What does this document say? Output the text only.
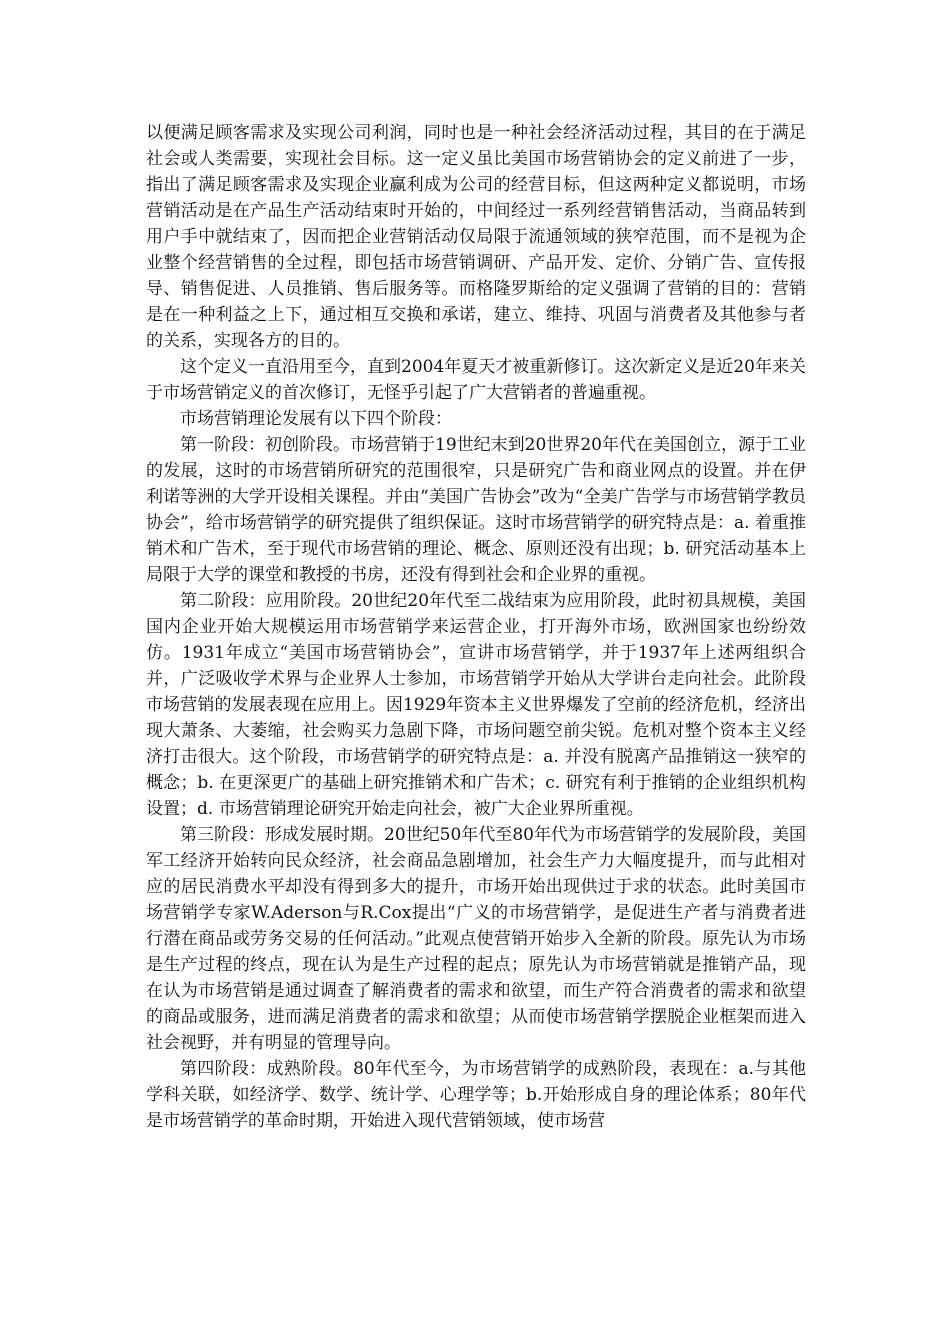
以便满足顾客需求及实现公司利润，同时也是一种社会经济活动过程，其目的在于满足社会或人类需要，实现社会目标。这一定义虽比美国市场营销协会的定义前进了一步，指出了满足顾客需求及实现企业赢利成为公司的经营目标，但这两种定义都说明，市场营销活动是在产品生产活动结束时开始的，中间经过一系列经营销售活动，当商品转到用户手中就结束了，因而把企业营销活动仅局限于流通领域的狭窄范围，而不是视为企业整个经营销售的全过程，即包括市场营销调研、产品开发、定价、分销广告、宣传报导、销售促进、人员推销、售后服务等。而格隆罗斯给的定义强调了营销的目的：营销是在一种利益之上下，通过相互交换和承诺，建立、维持、巩固与消费者及其他参与者的关系，实现各方的目的。

这个定义一直沿用至今，直到2004年夏天才被重新修订。这次新定义是近20年来关于市场营销定义的首次修订，无怪乎引起了广大营销者的普遍重视。

市场营销理论发展有以下四个阶段：

第一阶段：初创阶段。市场营销于19世纪末到20世界20年代在美国创立，源于工业的发展，这时的市场营销所研究的范围很窄，只是研究广告和商业网点的设置。并在伊利诺等洲的大学开设相关课程。并由“美国广告协会”改为“全美广告学与市场营销学教员协会”，给市场营销学的研究提供了组织保证。这时市场营销学的研究特点是：a. 着重推销术和广告术，至于现代市场营销的理论、概念、原则还没有出现；b. 研究活动基本上局限于大学的课堂和教授的书房，还没有得到社会和企业界的重视。

第二阶段：应用阶段。20世纪20年代至二战结束为应用阶段，此时初具规模，美国国内企业开始大规模运用市场营销学来运营企业，打开海外市场，欧洲国家也纷纷效仿。1931年成立“美国市场营销协会”，宣讲市场营销学，并于1937年上述两组织合并，广泛吸收学术界与企业界人士参加，市场营销学开始从大学讲台走向社会。此阶段市场营销的发展表现在应用上。因1929年资本主义世界爆发了空前的经济危机，经济出现大萧条、大萎缩，社会购买力急剧下降，市场问题空前尖锐。危机对整个资本主义经济打击很大。这个阶段，市场营销学的研究特点是：a. 并没有脱离产品推销这一狭窄的概念；b. 在更深更广的基础上研究推销术和广告术；c. 研究有利于推销的企业组织机构设置；d. 市场营销理论研究开始走向社会，被广大企业界所重视。

第三阶段：形成发展时期。20世纪50年代至80年代为市场营销学的发展阶段，美国军工经济开始转向民众经济，社会商品急剧增加，社会生产力大幅度提升，而与此相对应的居民消费水平却没有得到多大的提升，市场开始出现供过于求的状态。此时美国市场营销学专家W.Aderson与R.Cox提出“广义的市场营销学，是促进生产者与消费者进行潜在商品或劳务交易的任何活动。”此观点使营销开始步入全新的阶段。原先认为市场是生产过程的终点，现在认为是生产过程的起点；原先认为市场营销就是推销产品，现在认为市场营销是通过调查了解消费者的需求和欲望，而生产符合消费者的需求和欲望的商品或服务，进而满足消费者的需求和欲望；从而使市场营销学摆脱企业框架而进入社会视野，并有明显的管理导向。

第四阶段：成熟阶段。80年代至今，为市场营销学的成熟阶段，表现在：a.与其他学科关联，如经济学、数学、统计学、心理学等；b.开始形成自身的理论体系；80年代是市场营销学的革命时期，开始进入现代营销领域，使市场营
